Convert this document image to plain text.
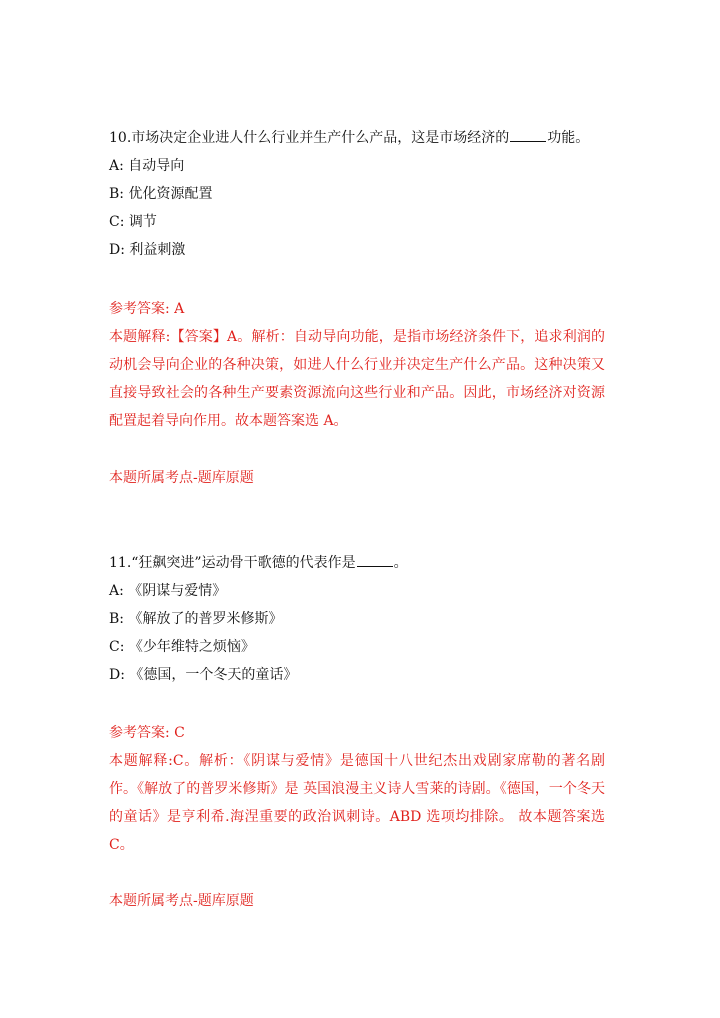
10.市场决定企业进人什么行业并生产什么产品，这是市场经济的	功能。
A: 自动导向
B: 优化资源配置
C: 调节
D: 利益刺激
参考答案: A
本题解释:【答案】A。解析：自动导向功能，是指市场经济条件下，追求利润的动机会导向企业的各种决策，如进人什么行业并决定生产什么产品。这种决策又直接导致社会的各种生产要素资源流向这些行业和产品。因此，市场经济对资源配置起着导向作用。故本题答案选 A。
本题所属考点-题库原题
11.“狂飙突进”运动骨干歌德的代表作是	。
A: 《阴谋与爱情》
B: 《解放了的普罗米修斯》
C: 《少年维特之烦恼》
D: 《德国，一个冬天的童话》
参考答案: C
本题解释:C。解析：《阴谋与爱情》是德国十八世纪杰出戏剧家席勒的著名剧作。《解放了的普罗米修斯》是 英国浪漫主义诗人雪莱的诗剧。《德国，一个冬天的童话》是亨利希.海涅重要的政治讽刺诗。ABD 选项均排除。 故本题答案选 C。
本题所属考点-题库原题
